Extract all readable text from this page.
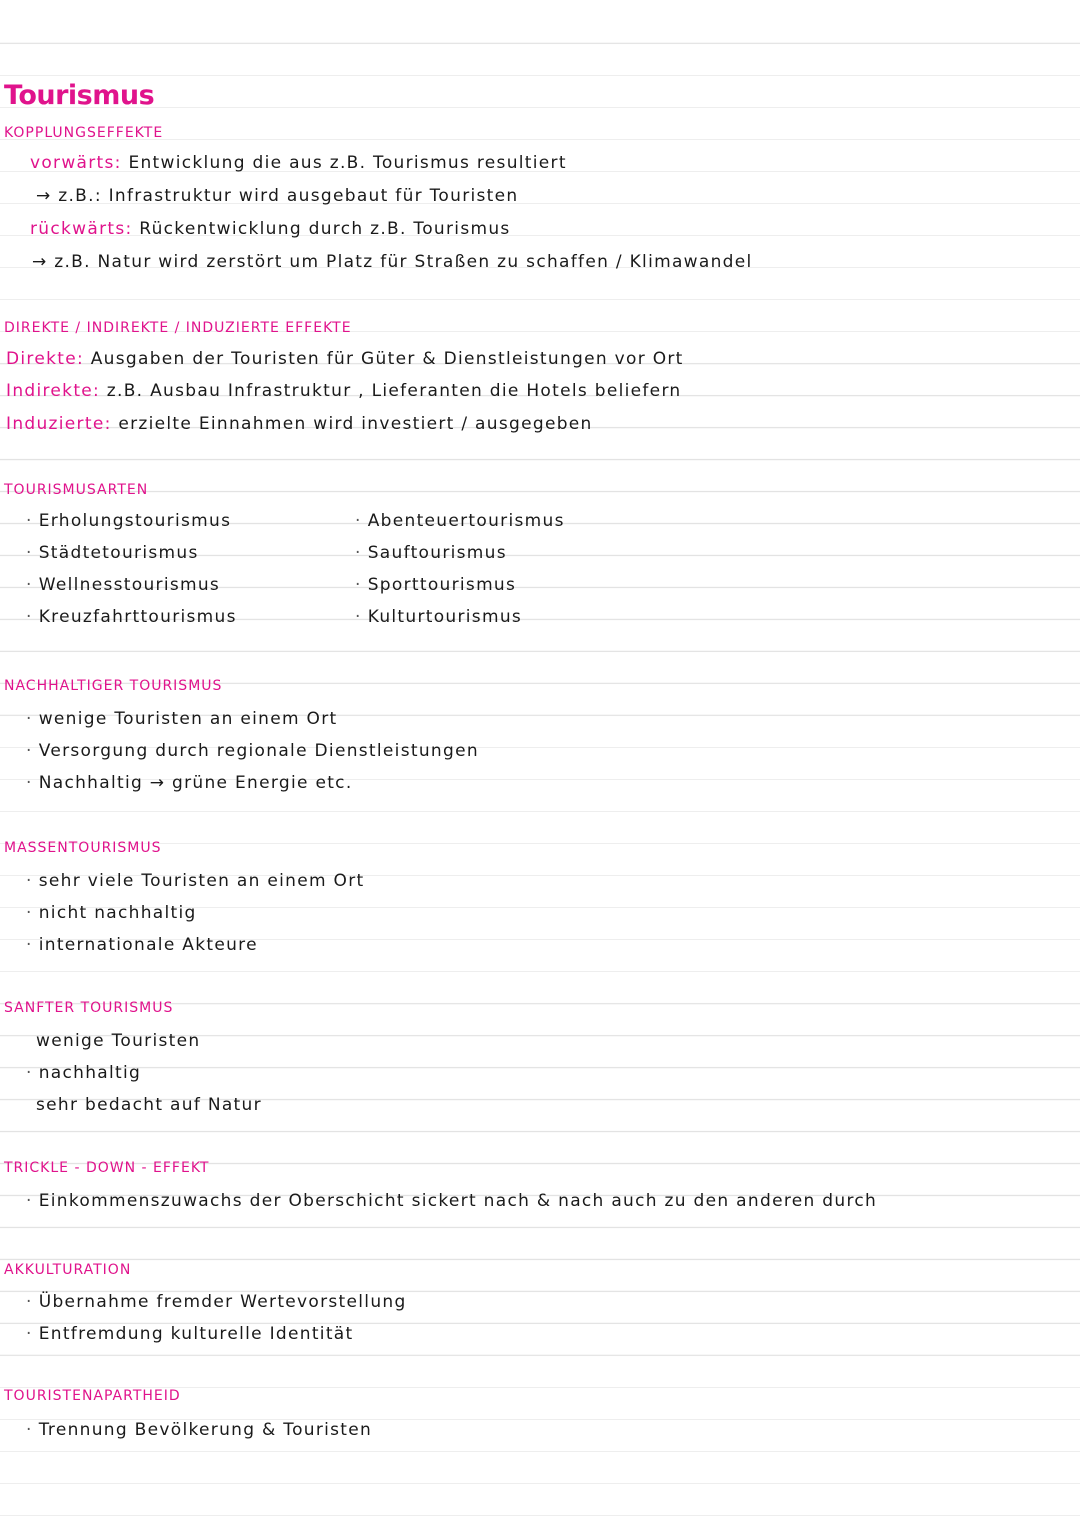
Tourismus
KOPPLUNGSEFFEKTE
vorwärts: Entwicklung die aus z.B. Tourismus resultiert
→ z.B.: Infrastruktur wird ausgebaut für Touristen
rückwärts: Rückentwicklung durch z.B. Tourismus
→ z.B. Natur wird zerstört um Platz für Straßen zu schaffen / Klimawandel
DIREKTE / INDIREKTE / INDUZIERTE EFFEKTE
Direkte: Ausgaben der Touristen für Güter & Dienstleistungen vor Ort
Indirekte: z.B. Ausbau Infrastruktur , Lieferanten die Hotels beliefern
Induzierte: erzielte Einnahmen wird investiert / ausgegeben
TOURISMUSARTEN
· Erholungstourismus
· Städtetourismus
· Wellnesstourismus
· Kreuzfahrttourismus
· Abenteuertourismus
· Sauftourismus
· Sporttourismus
· Kulturtourismus
NACHHALTIGER TOURISMUS
· wenige Touristen an einem Ort
· Versorgung durch regionale Dienstleistungen
· Nachhaltig → grüne Energie etc.
MASSENTOURISMUS
· sehr viele Touristen an einem Ort
· nicht nachhaltig
· internationale Akteure
SANFTER TOURISMUS
wenige Touristen
· nachhaltig
sehr bedacht auf Natur
TRICKLE - DOWN - EFFEKT
· Einkommenszuwachs der Oberschicht sickert nach & nach auch zu den anderen durch
AKKULTURATION
· Übernahme fremder Wertevorstellung
· Entfremdung kulturelle Identität
TOURISTENAPARTHEID
· Trennung Bevölkerung & Touristen
